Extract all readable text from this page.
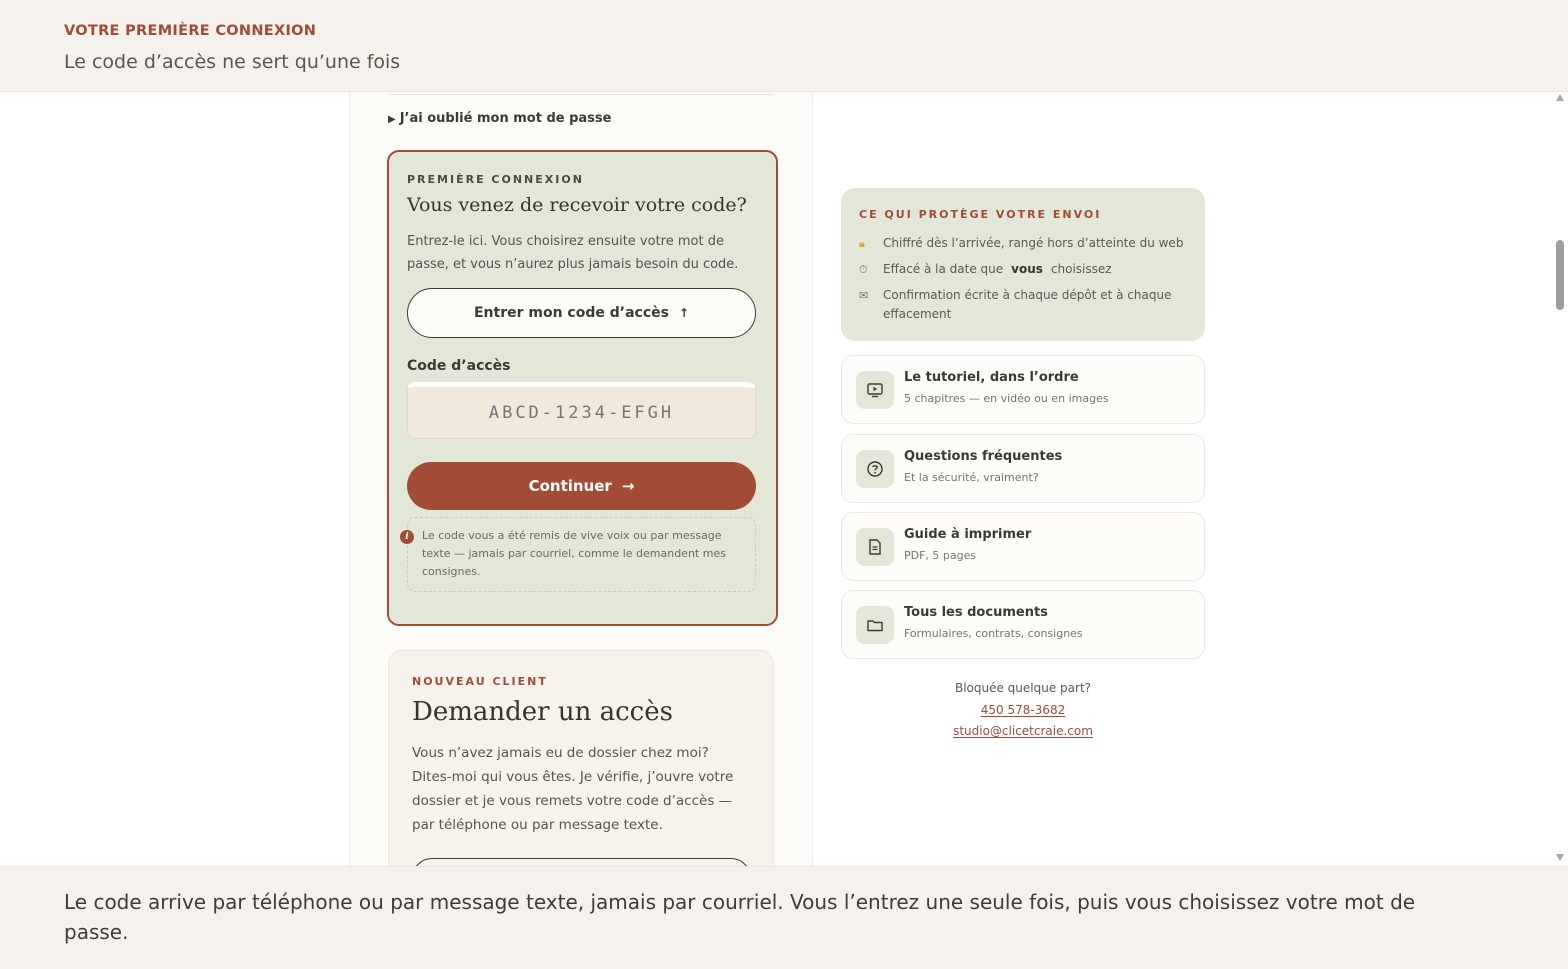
VOTRE PREMIÈRE CONNEXION
Le code d’accès ne sert qu’une fois
▶ J’ai oublié mon mot de passe
PREMIÈRE CONNEXION
Vous venez de recevoir votre code?
Entrez-le ici. Vous choisirez ensuite votre mot de passe, et vous n’aurez plus jamais besoin du code.
Entrer mon code d’accès ↑
Code d’accès
ABCD-1234-EFGH
Continuer →
i	Le code vous a été remis de vive voix ou par message texte — jamais par courriel, comme le demandent mes consignes.
NOUVEAU CLIENT
Demander un accès
Vous n’avez jamais eu de dossier chez moi? Dites-moi qui vous êtes. Je vérifie, j’ouvre votre dossier et je vous remets votre code d’accès — par téléphone ou par message texte.
CE QUI PROTÈGE VOTRE ENVOI
🔒︎	Chiffré dès l’arrivée, rangé hors d’atteinte du web
⏱	Effacé à la date que vous choisissez
✉	Confirmation écrite à chaque dépôt et à chaque effacement
Le tutoriel, dans l’ordre
5 chapitres — en vidéo ou en images
Questions fréquentes
Et la sécurité, vraiment?
Guide à imprimer
PDF, 5 pages
Tous les documents
Formulaires, contrats, consignes
Bloquée quelque part?
450 578-3682
studio@clicetcraie.com
Le code arrive par téléphone ou par message texte, jamais par courriel. Vous l’entrez une seule fois, puis vous choisissez votre mot de passe.
